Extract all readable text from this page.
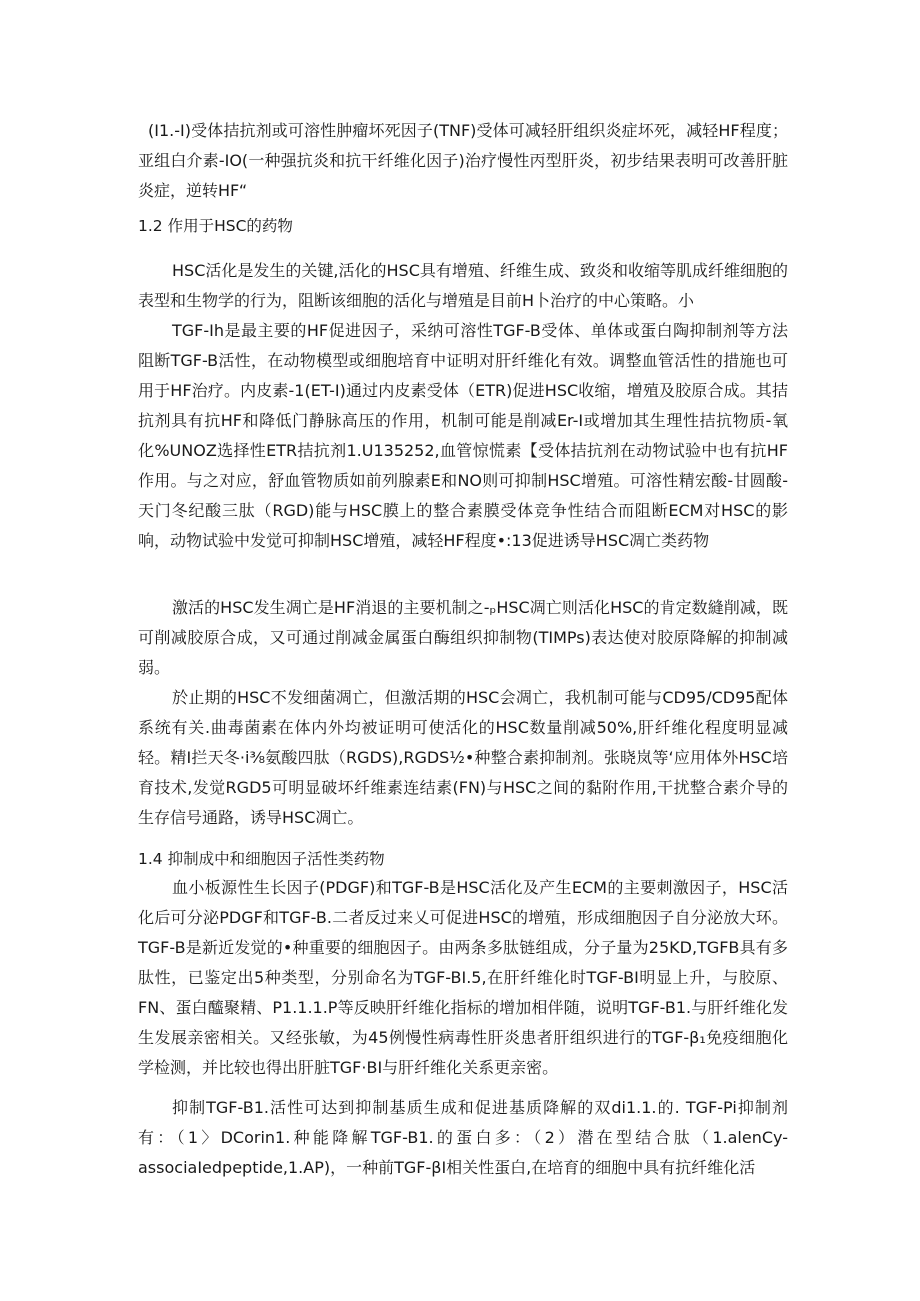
(I1.-I)受体拮抗剂或可溶性肿瘤坏死因子(TNF)受体可减轻肝组织炎症坏死，减轻HF程度；亚组白介素-IO(一种强抗炎和抗干纤维化因子)治疗慢性丙型肝炎，初步结果表明可改善肝脏炎症，逆转HF“

1.2 作用于HSC的药物

HSC活化是发生的关键,活化的HSC具有增殖、纤维生成、致炎和收缩等肌成纤维细胞的表型和生物学的行为，阻断该细胞的活化与增殖是目前H卜治疗的中心策略。小

TGF-Ih是最主要的HF促进因子，采纳可溶性TGF-B受体、单体或蛋白陶抑制剂等方法阻断TGF-B活性，在动物模型或细胞培育中证明对肝纤维化有效。调整血管活性的措施也可用于HF治疗。内皮素-1(ET-I)通过内皮素受体（ETR)促进HSC收缩，增殖及胶原合成。其拮抗剂具有抗HF和降低门静脉高压的作用，机制可能是削减Er-I或增加其生理性拮抗物质-氧化%UNOZ选择性ETR拮抗剂1.U135252,血管惊慌素【受体拮抗剂在动物试验中也有抗HF作用。与之对应，舒血管物质如前列腺素E和NO则可抑制HSC增殖。可溶性精宏酸-甘圆酸-天门冬纪酸三肽（RGD)能与HSC膜上的整合素膜受体竞争性结合而阻断ECM对HSC的影响，动物试验中发觉可抑制HSC增殖，减轻HF程度•:13促进诱导HSC凋亡类药物

激活的HSC发生凋亡是HF消退的主要机制之-ₚHSC凋亡则活化HSC的肯定数縫削减，既可削减胶原合成，又可通过削减金属蛋白酶组织抑制物(TIMPs)表达使对胶原降解的抑制减弱。

於止期的HSC不发细菌凋亡，但激活期的HSC会凋亡，我机制可能与CD95/CD95配体系统有关.曲毒菌素在体内外均被证明可使活化的HSC数量削减50%,肝纤维化程度明显减轻。精Ι拦天冬·i⅜氨酸四肽（RGDS),RGDS½•种整合素抑制剂。张晓岚等‘应用体外HSC培育技术,发觉RGD5可明显破坏纤维素连结素(FN)与HSC之间的黏附作用,干扰整合素介导的生存信号通路，诱导HSC凋亡。

1.4 抑制成中和细胞因子活性类药物

血小板源性生长因子(PDGF)和TGF-B是HSC活化及产生ECM的主要刺激因子，HSC活化后可分泌PDGF和TGF-B.二者反过来乂可促进HSC的增殖，形成细胞因子自分泌放大环。TGF-B是新近发觉的•种重要的细胞因子。由两条多肽链组成，分子量为25KD,TGFB具有多肽性，已鉴定出5种类型，分别命名为TGF-BI.5,在肝纤维化时TGF-BI明显上升，与胶原、FN、蛋白醯聚精、P1.1.1.P等反映肝纤维化指标的增加相伴随，说明TGF-B1.与肝纤维化发生发展亲密相关。又经张敏，为45例慢性病毒性肝炎患者肝组织进行的TGF-β₁免疫细胞化学检测，并比较也得出肝脏TGF·BI与肝纤维化关系更亲密。

抑制TGF-B1.活性可达到抑制基质生成和促进基质降解的双di1.1.的. TGF-Pi抑制剂有：（1〉DCorin1.种能降解TGF-B1.的蛋白多：（2）潜在型结合肽（1.alenCy-associaIedpeptide,1.AP)，一种前TGF-βI相关性蛋白,在培育的细胞中具有抗纤维化活
